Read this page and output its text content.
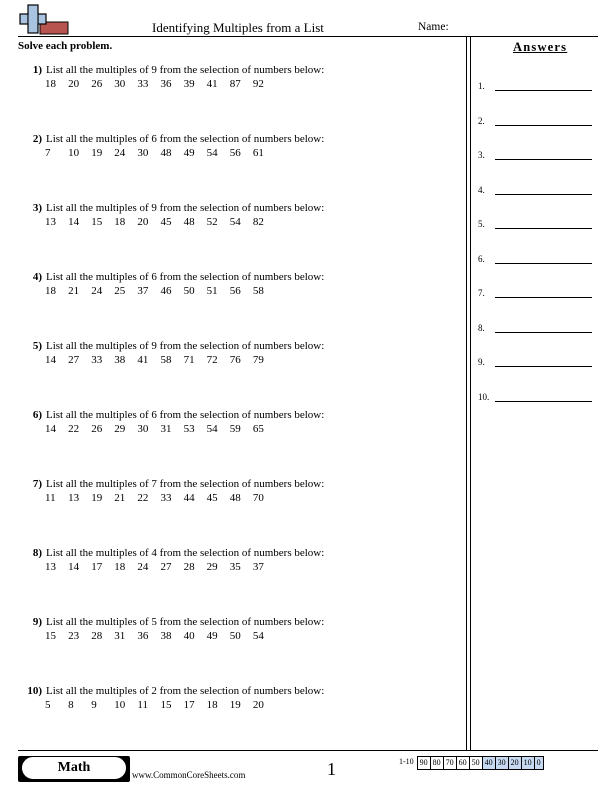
Identifying Multiples from a List	Name:
Solve each problem.
1) List all the multiples of 9 from the selection of numbers below:
18	20	26	30	33	36	39	41	87	92
2) List all the multiples of 6 from the selection of numbers below:
7	10	19	24	30	48	49	54	56	61
3) List all the multiples of 9 from the selection of numbers below:
13	14	15	18	20	45	48	52	54	82
4) List all the multiples of 6 from the selection of numbers below:
18	21	24	25	37	46	50	51	56	58
5) List all the multiples of 9 from the selection of numbers below:
14	27	33	38	41	58	71	72	76	79
6) List all the multiples of 6 from the selection of numbers below:
14	22	26	29	30	31	53	54	59	65
7) List all the multiples of 7 from the selection of numbers below:
11	13	19	21	22	33	44	45	48	70
8) List all the multiples of 4 from the selection of numbers below:
13	14	17	18	24	27	28	29	35	37
9) List all the multiples of 5 from the selection of numbers below:
15	23	28	31	36	38	40	49	50	54
10) List all the multiples of 2 from the selection of numbers below:
5	8	9	10	11	15	17	18	19	20
Answers
1.
2.
3.
4.
5.
6.
7.
8.
9.
10.
Math	www.CommonCoreSheets.com	1	1-10 90 80 70 60 50 40 30 20 10 0
